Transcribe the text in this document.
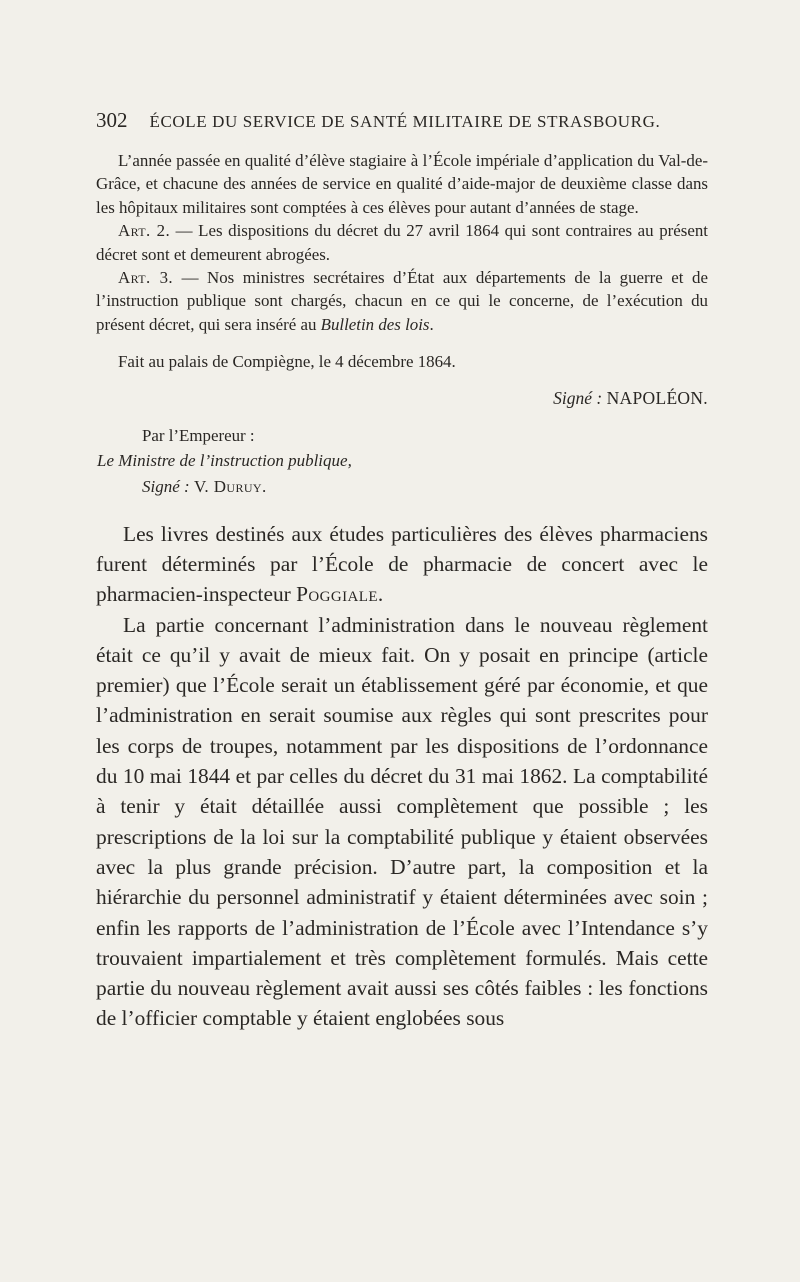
302 ÉCOLE DU SERVICE DE SANTÉ MILITAIRE DE STRASBOURG.

L’année passée en qualité d’élève stagiaire à l’École impériale d’application du Val-de-Grâce, et chacune des années de service en qualité d’aide-major de deuxième classe dans les hôpitaux militaires sont comptées à ces élèves pour autant d’années de stage.

Art. 2. — Les dispositions du décret du 27 avril 1864 qui sont contraires au présent décret sont et demeurent abrogées.

Art. 3. — Nos ministres secrétaires d’État aux départements de la guerre et de l’instruction publique sont chargés, chacun en ce qui le concerne, de l’exécution du présent décret, qui sera inséré au Bulletin des lois.

Fait au palais de Compiègne, le 4 décembre 1864.

Signé : NAPOLÉON.
Par l’Empereur :
Le Ministre de l’instruction publique,
Signé : V. Duruy.

Les livres destinés aux études particulières des élèves pharmaciens furent déterminés par l’École de pharmacie de concert avec le pharmacien-inspecteur Poggiale.

La partie concernant l’administration dans le nouveau règlement était ce qu’il y avait de mieux fait. On y posait en principe (article premier) que l’École serait un établissement géré par économie, et que l’administration en serait soumise aux règles qui sont prescrites pour les corps de troupes, notamment par les dispositions de l’ordonnance du 10 mai 1844 et par celles du décret du 31 mai 1862. La comptabilité à tenir y était détaillée aussi complètement que possible ; les prescriptions de la loi sur la comptabilité publique y étaient observées avec la plus grande précision. D’autre part, la composition et la hiérarchie du personnel administratif y étaient déterminées avec soin ; enfin les rapports de l’administration de l’École avec l’Intendance s’y trouvaient impartialement et très complètement formulés. Mais cette partie du nouveau règlement avait aussi ses côtés faibles : les fonctions de l’officier comptable y étaient englobées sous
